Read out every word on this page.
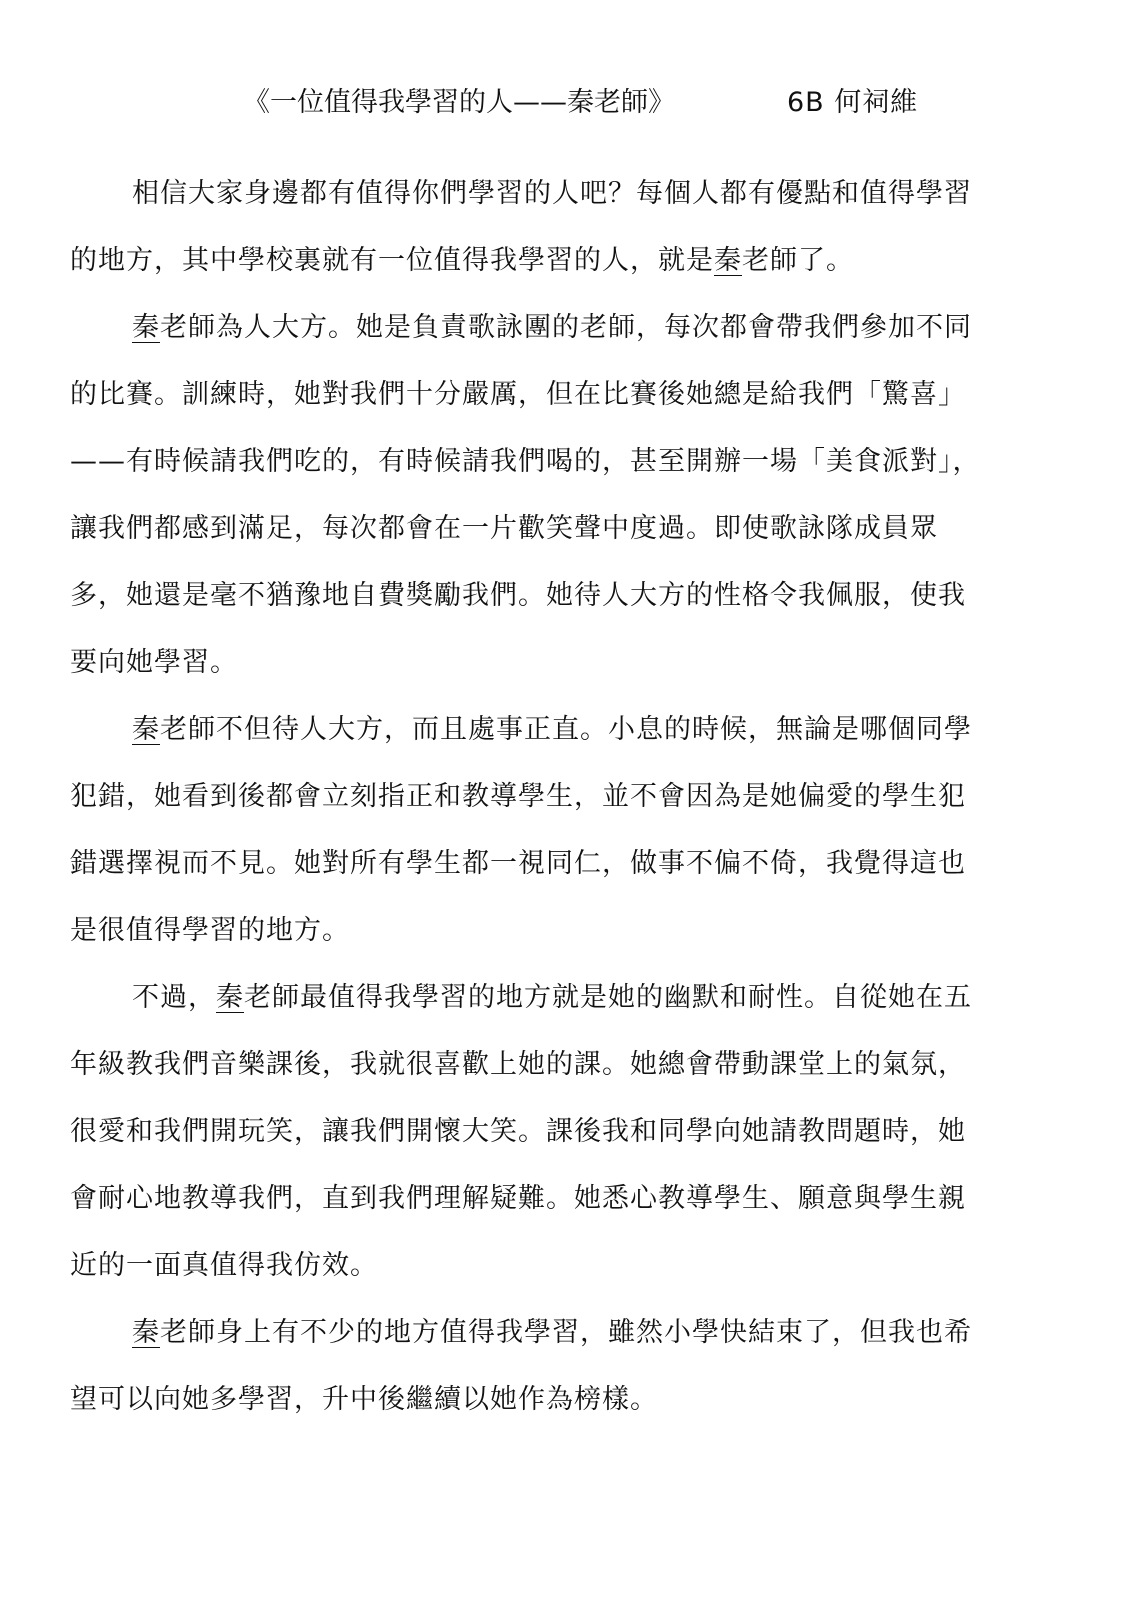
《一位值得我學習的人——秦老師》	6B 何祠維
相信大家身邊都有值得你們學習的人吧？每個人都有優點和值得學習
的地方，其中學校裏就有一位值得我學習的人，就是秦老師了。
秦老師為人大方。她是負責歌詠團的老師，每次都會帶我們參加不同
的比賽。訓練時，她對我們十分嚴厲，但在比賽後她總是給我們「驚喜」
——有時候請我們吃的，有時候請我們喝的，甚至開辦一場「美食派對」，
讓我們都感到滿足，每次都會在一片歡笑聲中度過。即使歌詠隊成員眾
多，她還是毫不猶豫地自費獎勵我們。她待人大方的性格令我佩服，使我
要向她學習。
秦老師不但待人大方，而且處事正直。小息的時候，無論是哪個同學
犯錯，她看到後都會立刻指正和教導學生，並不會因為是她偏愛的學生犯
錯選擇視而不見。她對所有學生都一視同仁，做事不偏不倚，我覺得這也
是很值得學習的地方。
不過，秦老師最值得我學習的地方就是她的幽默和耐性。自從她在五
年級教我們音樂課後，我就很喜歡上她的課。她總會帶動課堂上的氣氛，
很愛和我們開玩笑，讓我們開懷大笑。課後我和同學向她請教問題時，她
會耐心地教導我們，直到我們理解疑難。她悉心教導學生、願意與學生親
近的一面真值得我仿效。
秦老師身上有不少的地方值得我學習，雖然小學快結束了，但我也希
望可以向她多學習，升中後繼續以她作為榜樣。
